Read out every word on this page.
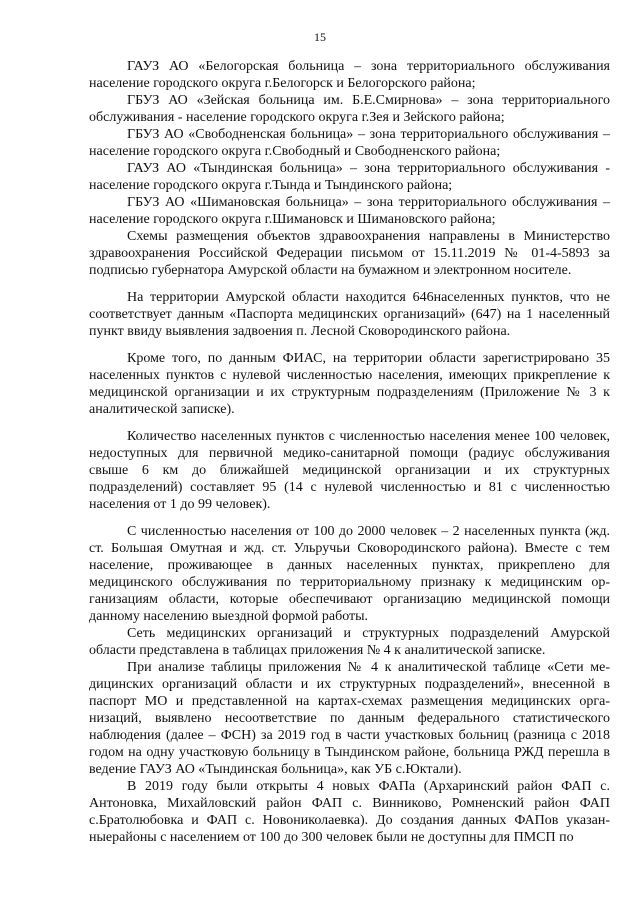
15

ГАУЗ АО «Белогорская больница – зона территориального обслуживания население городского округа г.Белогорск и Белогорского района;

ГБУЗ АО «Зейская больница им. Б.Е.Смирнова» – зона территориального обслуживания - население городского округа г.Зея и Зейского района;

ГБУЗ АО «Свободненская больница» – зона территориального обслуживания – население городского округа г.Свободный и Свободненского района;

ГАУЗ АО «Тындинская больница» – зона территориального обслуживания - население городского округа г.Тында и Тындинского района;

ГБУЗ АО «Шимановская больница» – зона территориального обслуживания – население городского округа г.Шимановск и Шимановского района;

Схемы размещения объектов здравоохранения направлены в Министерство здравоохранения Российской Федерации письмом от 15.11.2019 № 01-4-5893 за подписью губернатора Амурской области на бумажном и электронном носителе.

На территории Амурской области находится 646населенных пунктов, что не соответствует данным «Паспорта медицинских организаций» (647) на 1 населенный пункт ввиду выявления задвоения п. Лесной Сковородинского района.

Кроме того, по данным ФИАС, на территории области зарегистрировано 35 населенных пунктов с нулевой численностью населения, имеющих прикрепление к медицинской организации и их структурным подразделениям (Приложение № 3 к аналитической записке).

Количество населенных пунктов с численностью населения менее 100 человек, недоступных для первичной медико-санитарной помощи (радиус обслуживания свыше 6 км до ближайшей медицинской организации и их структурных подразделений) составляет 95 (14 с нулевой численностью и 81 с численностью населения от 1 до 99 человек).

С численностью населения от 100 до 2000 человек – 2 населенных пункта (жд. ст. Большая Омутная и жд. ст. Ульручьи Сковородинского района). Вместе с тем население, проживающее в данных населенных пунктах, прикреплено для медицинского обслуживания по территориальному признаку к медицинским организациям области, которые обеспечивают организацию медицинской помощи данному населению выездной формой работы.

Сеть медицинских организаций и структурных подразделений Амурской области представлена в таблицах приложения № 4 к аналитической записке.

При анализе таблицы приложения № 4 к аналитической таблице «Сети медицинских организаций области и их структурных подразделений», внесенной в паспорт МО и представленной на картах-схемах размещения медицинских организаций, выявлено несоответствие по данным федерального статистического наблюдения (далее – ФСН) за 2019 год в части участковых больниц (разница с 2018 годом на одну участковую больницу в Тындинском районе, больница РЖД перешла в ведение ГАУЗ АО «Тындинская больница», как УБ с.Юктали).

В 2019 году были открыты 4 новых ФАПа (Архаринский район ФАП с. Антоновка, Михайловский район ФАП с. Винниково, Ромненский район ФАП с.Братолюбовка и ФАП с. Новониколаевка). До создания данных ФАПов указанныерайоны с населением от 100 до 300 человек были не доступны для ПМСП по
